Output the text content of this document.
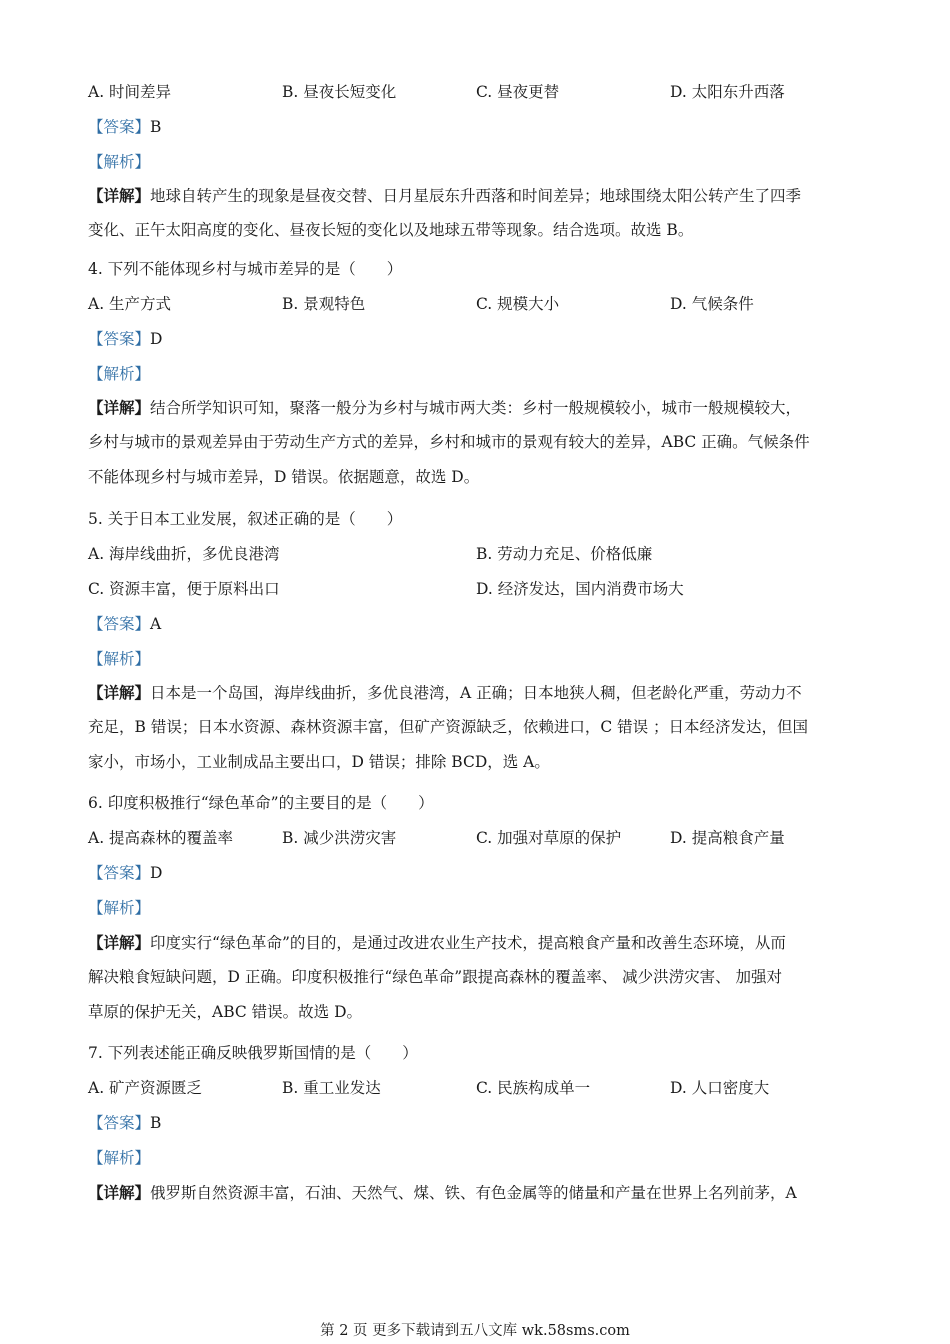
A. 时间差异	B. 昼夜长短变化	C. 昼夜更替	D. 太阳东升西落
【答案】B
【解析】
【详解】地球自转产生的现象是昼夜交替、日月星辰东升西落和时间差异；地球围绕太阳公转产生了四季
变化、正午太阳高度的变化、昼夜长短的变化以及地球五带等现象。结合选项。故选 B。
4. 下列不能体现乡村与城市差异的是（　　）
A. 生产方式	B. 景观特色	C. 规模大小	D. 气候条件
【答案】D
【解析】
【详解】结合所学知识可知，聚落一般分为乡村与城市两大类：乡村一般规模较小，城市一般规模较大，
乡村与城市的景观差异由于劳动生产方式的差异，乡村和城市的景观有较大的差异，ABC 正确。气候条件
不能体现乡村与城市差异，D 错误。依据题意，故选 D。
5. 关于日本工业发展，叙述正确的是（　　）
A. 海岸线曲折，多优良港湾	B. 劳动力充足、价格低廉
C. 资源丰富，便于原料出口	D. 经济发达，国内消费市场大
【答案】A
【解析】
【详解】日本是一个岛国，海岸线曲折，多优良港湾，A 正确；日本地狭人稠，但老龄化严重，劳动力不
充足，B 错误；日本水资源、森林资源丰富，但矿产资源缺乏，依赖进口，C 错误 ；日本经济发达，但国
家小，市场小，工业制成品主要出口，D 错误；排除 BCD，选 A。
6. 印度积极推行“绿色革命”的主要目的是（　　）
A. 提高森林的覆盖率	B. 减少洪涝灾害	C. 加强对草原的保护	D. 提高粮食产量
【答案】D
【解析】
【详解】印度实行“绿色革命”的目的，是通过改进农业生产技术，提高粮食产量和改善生态环境，从而
解决粮食短缺问题，D 正确。印度积极推行“绿色革命”跟提高森林的覆盖率、 减少洪涝灾害、 加强对
草原的保护无关，ABC 错误。故选 D。
7. 下列表述能正确反映俄罗斯国情的是（　　）
A. 矿产资源匮乏	B. 重工业发达	C. 民族构成单一	D. 人口密度大
【答案】B
【解析】
【详解】俄罗斯自然资源丰富，石油、天然气、煤、铁、有色金属等的储量和产量在世界上名列前茅，A
第 2 页 更多下载请到五八文库 wk.58sms.com
